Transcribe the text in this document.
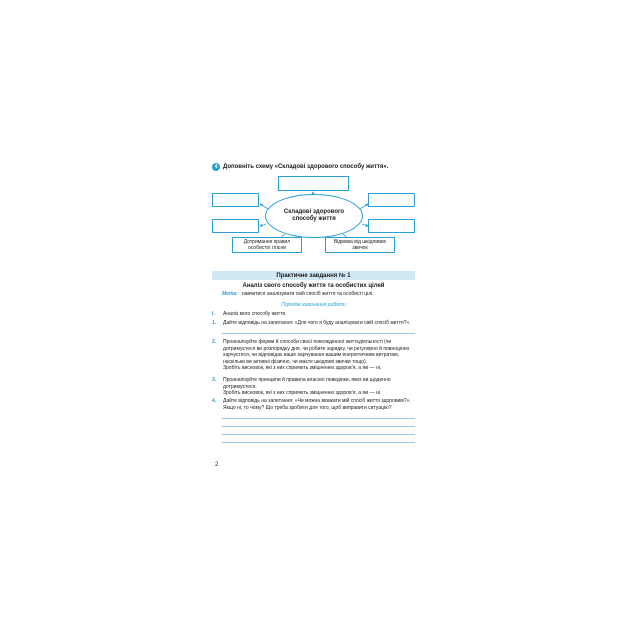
4 Доповніть схему «Складові здорового способу життя».
Дотримання правил особистої гігієни
Відмова від шкідливих звичок
Складові здорового способу життя
Практичне завдання № 1
Аналіз свого способу життя та особистих цілей
Мета: навчитися аналізувати свій спосіб життя та особисті цілі.
Порядок виконання роботи
I. Аналіз мого способу життя.
1. Дайте відповідь на запитання: «Для чого я буду аналізувати свій спосіб життя?».
2. Проаналізуйте форми й способи своєї повсякденної життєдіяльності (чи дотримуєтеся ви розпорядку дня, чи робите зарядку, чи регулярно й повноцінно харчуєтеся, чи відповідає ваше харчування вашим енергетичним витратам, наскільки ви активні фізично, чи маєте шкідливі звички тощо).
Зробіть висновок, які з них сприяють зміцненню здоров’я, а які — ні.
3. Проаналізуйте принципи й правила власної поведінки, яких ви щоденно дотримуєтеся.
Зробіть висновок, які з них сприяють зміцненню здоров’я, а які — ні.
4. Дайте відповідь на запитання: «Чи можна вважати мій спосіб життя здоровим?». Якщо ні, то чому? Що треба зробити для того, щоб виправити ситуацію?
2
